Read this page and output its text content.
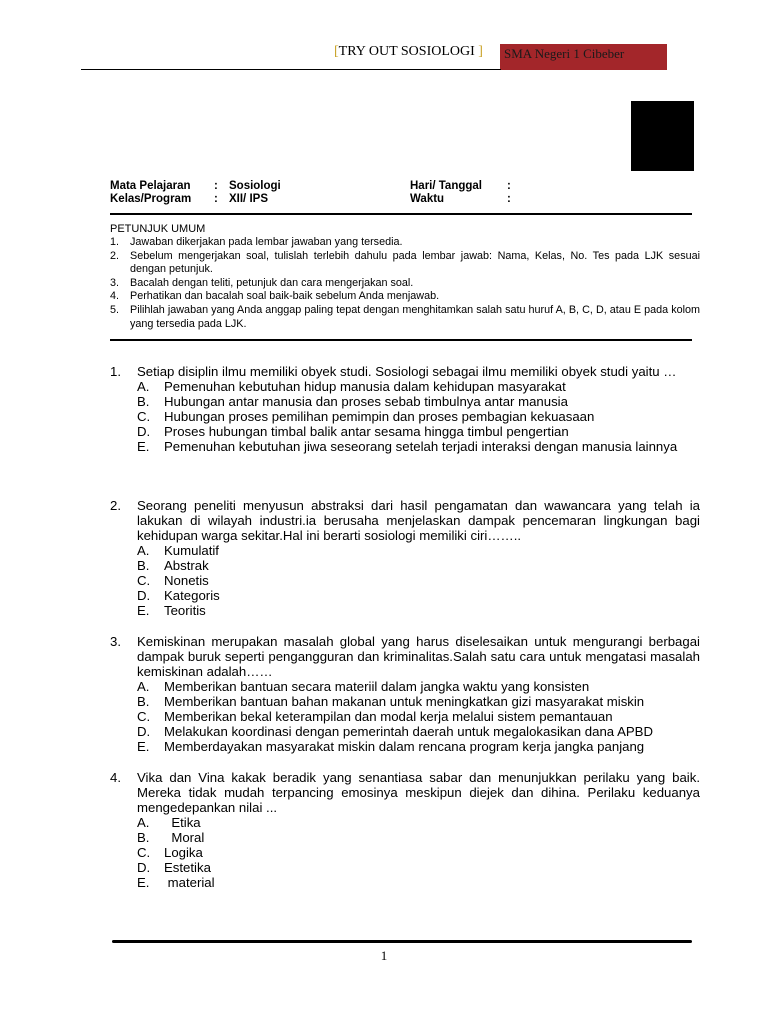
[TRY OUT SOSIOLOGI ]	SMA Negeri 1 Cibeber
Mata Pelajaran : Sosiologi	Hari/ Tanggal :
Kelas/Program : XII/ IPS	Waktu	:
PETUNJUK UMUM
1.	Jawaban dikerjakan pada lembar jawaban yang tersedia.
2.	Sebelum mengerjakan soal, tulislah terlebih dahulu pada lembar jawab: Nama, Kelas, No. Tes pada LJK sesuai dengan petunjuk.
3.	Bacalah dengan teliti, petunjuk dan cara mengerjakan soal.
4.	Perhatikan dan bacalah soal baik-baik sebelum Anda menjawab.
5.	Pilihlah jawaban yang Anda anggap paling tepat dengan menghitamkan salah satu huruf A, B, C, D, atau E pada kolom yang tersedia pada LJK.
1.	Setiap disiplin ilmu memiliki obyek studi. Sosiologi sebagai ilmu memiliki obyek studi yaitu …
A.	Pemenuhan kebutuhan hidup manusia dalam kehidupan masyarakat
B.	Hubungan antar manusia dan proses sebab timbulnya antar manusia
C.	Hubungan proses pemilihan pemimpin dan proses pembagian kekuasaan
D.	Proses hubungan timbal balik antar sesama hingga timbul pengertian
E.	Pemenuhan kebutuhan jiwa seseorang setelah terjadi interaksi dengan manusia lainnya
2.	Seorang peneliti menyusun abstraksi dari hasil pengamatan dan wawancara yang telah ia lakukan di wilayah industri.ia berusaha menjelaskan dampak pencemaran lingkungan bagi kehidupan warga sekitar.Hal ini berarti sosiologi memiliki ciri……..
A.	Kumulatif
B.	Abstrak
C.	Nonetis
D.	Kategoris
E.	Teoritis
3.	Kemiskinan merupakan masalah global yang harus diselesaikan untuk mengurangi berbagai dampak buruk seperti pengangguran dan kriminalitas.Salah satu cara untuk mengatasi masalah kemiskinan adalah……
A.	Memberikan bantuan secara materiil dalam jangka waktu yang konsisten
B.	Memberikan bantuan bahan makanan untuk meningkatkan gizi masyarakat miskin
C.	Memberikan bekal keterampilan dan modal kerja melalui sistem pemantauan
D.	Melakukan koordinasi dengan pemerintah daerah untuk megalokasikan dana APBD
E.	Memberdayakan masyarakat miskin dalam rencana program kerja jangka panjang
4.	Vika dan Vina kakak beradik yang senantiasa sabar dan menunjukkan perilaku yang baik. Mereka tidak mudah terpancing emosinya meskipun diejek dan dihina. Perilaku keduanya mengedepankan nilai ...
A.	Etika
B.	Moral
C.	Logika
D.	Estetika
E.	material
1
